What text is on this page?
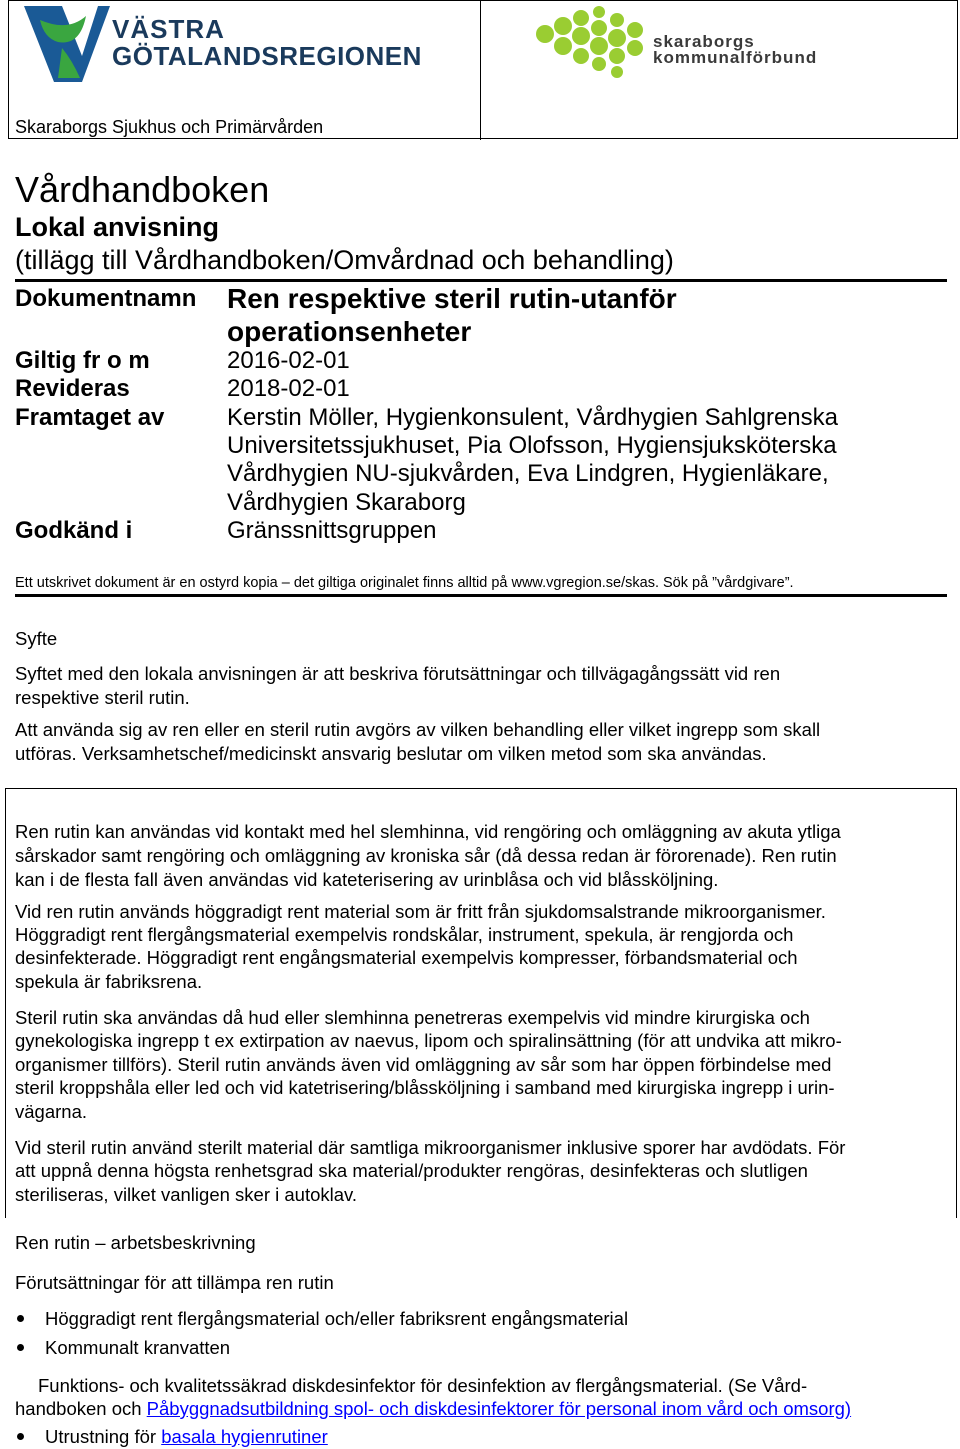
VÄSTRA
GÖTALANDSREGIONEN	skaraborgs
kommunalförbund
Skaraborgs Sjukhus och Primärvården
Vårdhandboken
Lokal anvisning
(tillägg till Vårdhandboken/Omvårdnad och behandling)
Dokumentnamn Ren respektive steril rutin-utanför
operationsenheter
Giltig fr o m	2016-02-01
Revideras	2018-02-01
Framtaget av	Kerstin Möller, Hygienkonsulent, Vårdhygien Sahlgrenska
Universitetssjukhuset, Pia Olofsson, Hygiensjuksköterska
Vårdhygien NU-sjukvården, Eva Lindgren, Hygienläkare,
Vårdhygien Skaraborg
Godkänd i	Gränssnittsgruppen
Ett utskrivet dokument är en ostyrd kopia – det giltiga originalet finns alltid på www.vgregion.se/skas. Sök på ”vårdgivare”.
Syfte
Syftet med den lokala anvisningen är att beskriva förutsättningar och tillvägagångssätt vid ren
respektive steril rutin.
Att använda sig av ren eller en steril rutin avgörs av vilken behandling eller vilket ingrepp som skall
utföras. Verksamhetschef/medicinskt ansvarig beslutar om vilken metod som ska användas.
Ren rutin kan användas vid kontakt med hel slemhinna, vid rengöring och omläggning av akuta ytliga
sårskador samt rengöring och omläggning av kroniska sår (då dessa redan är förorenade). Ren rutin
kan i de flesta fall även användas vid kateterisering av urinblåsa och vid blåssköljning.
Vid ren rutin används höggradigt rent material som är fritt från sjukdomsalstrande mikroorganismer.
Höggradigt rent flergångsmaterial exempelvis rondskålar, instrument, spekula, är rengjorda och
desinfekterade. Höggradigt rent engångsmaterial exempelvis kompresser, förbandsmaterial och
spekula är fabriksrena.
Steril rutin ska användas då hud eller slemhinna penetreras exempelvis vid mindre kirurgiska och
gynekologiska ingrepp t ex extirpation av naevus, lipom och spiralinsättning (för att undvika att mikro-
organismer tillförs). Steril rutin används även vid omläggning av sår som har öppen förbindelse med
steril kroppshåla eller led och vid katetrisering/blåssköljning i samband med kirurgiska ingrepp i urin-
vägarna.
Vid steril rutin använd sterilt material där samtliga mikroorganismer inklusive sporer har avdödats. För
att uppnå denna högsta renhetsgrad ska material/produkter rengöras, desinfekteras och slutligen
steriliseras, vilket vanligen sker i autoklav.
Ren rutin – arbetsbeskrivning
Förutsättningar för att tillämpa ren rutin
Höggradigt rent flergångsmaterial och/eller fabriksrent engångsmaterial
Kommunalt kranvatten
Funktions- och kvalitetssäkrad diskdesinfektor för desinfektion av flergångsmaterial. (Se Vård-
handboken och Påbyggnadsutbildning spol- och diskdesinfektorer för personal inom vård och omsorg)
Utrustning för basala hygienrutiner
